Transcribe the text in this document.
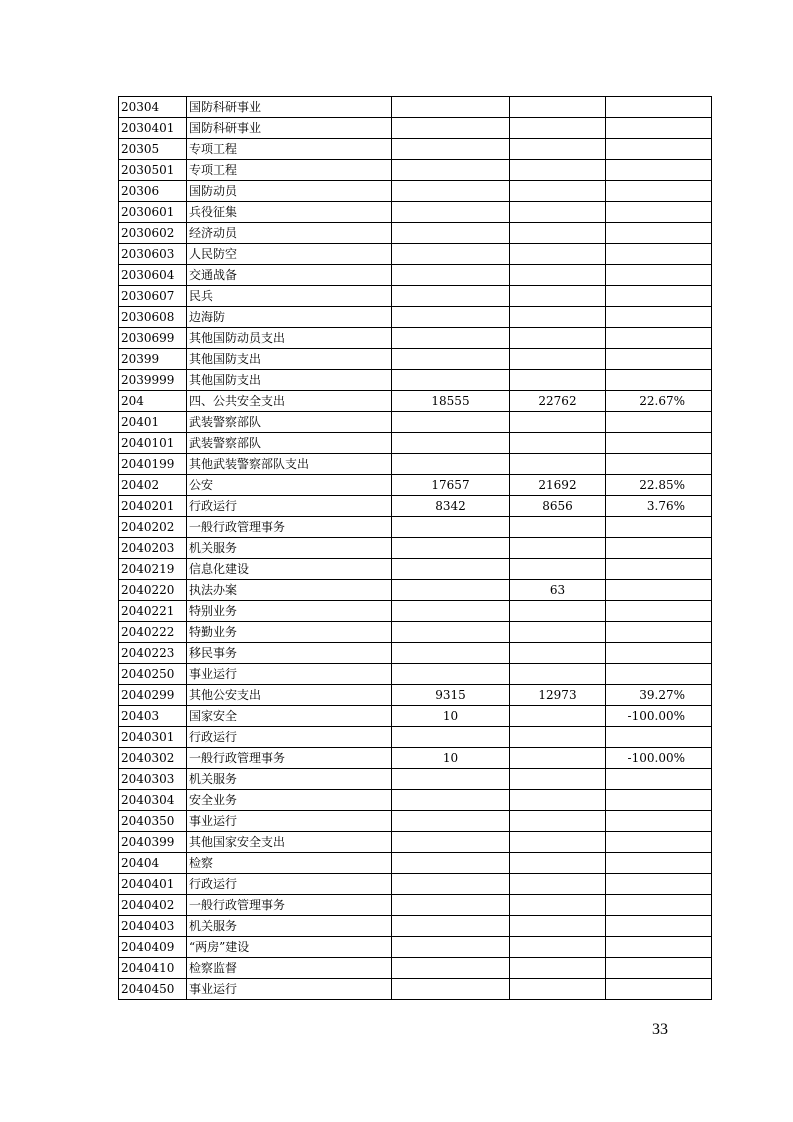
20304	国防科研事业			
2030401	国防科研事业			
20305	专项工程			
2030501	专项工程			
20306	国防动员			
2030601	兵役征集			
2030602	经济动员			
2030603	人民防空			
2030604	交通战备			
2030607	民兵			
2030608	边海防			
2030699	其他国防动员支出			
20399	其他国防支出			
2039999	其他国防支出			
204	四、公共安全支出	18555	22762	22.67%
20401	武装警察部队			
2040101	武装警察部队			
2040199	其他武装警察部队支出			
20402	公安	17657	21692	22.85%
2040201	行政运行	8342	8656	3.76%
2040202	一般行政管理事务			
2040203	机关服务			
2040219	信息化建设			
2040220	执法办案		63	
2040221	特别业务			
2040222	特勤业务			
2040223	移民事务			
2040250	事业运行			
2040299	其他公安支出	9315	12973	39.27%
20403	国家安全	10		-100.00%
2040301	行政运行			
2040302	一般行政管理事务	10		-100.00%
2040303	机关服务			
2040304	安全业务			
2040350	事业运行			
2040399	其他国家安全支出			
20404	检察			
2040401	行政运行			
2040402	一般行政管理事务			
2040403	机关服务			
2040409	“两房”建设			
2040410	检察监督			
2040450	事业运行			
33
